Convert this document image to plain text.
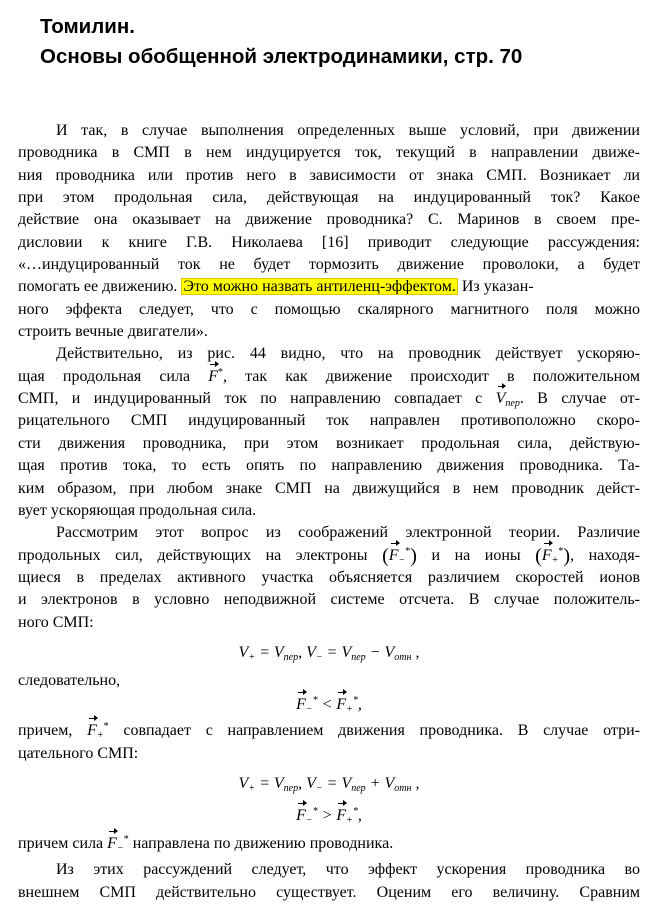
Томилин.
Основы обобщенной электродинамики, стр. 70
И так, в случае выполнения определенных выше условий, при движении
проводника в СМП в нем индуцируется ток, текущий в направлении движе-
ния проводника или против него в зависимости от знака СМП. Возникает ли
при этом продольная сила, действующая на индуцированный ток? Какое
действие она оказывает на движение проводника? С. Маринов в своем пре-
дисловии к книге Г.В. Николаева [16] приводит следующие рассуждения:
«…индуцированный ток не будет тормозить движение проволоки, а будет
помогать ее движению. Это можно назвать антиленц-эффектом. Из указан-
ного эффекта следует, что с помощью скалярного магнитного поля можно
строить вечные двигатели».
Действительно, из рис. 44 видно, что на проводник действует ускоряю-
щая продольная сила F*, так как движение происходит в положительном
СМП, и индуцированный ток по направлению совпадает с $V_{пер}$. В случае от-
рицательного СМП индуцированный ток направлен противоположно скоро-
сти движения проводника, при этом возникает продольная сила, действую-
щая против тока, то есть опять по направлению движения проводника. Та-
ким образом, при любом знаке СМП на движущийся в нем проводник дейст-
вует ускоряющая продольная сила.
Рассмотрим этот вопрос из соображений электронной теории. Различие
продольных сил, действующих на электроны $(F_-^*)$ и на ионы $(F_+^*)$, находя-
щиеся в пределах активного участка объясняется различием скоростей ионов
и электронов в условно неподвижной системе отсчета. В случае положитель-
ного СМП:
$V_+ = V_{пер}$, $V_- = V_{пер} - V_{отн}$ ,
следовательно,
$F_-^* < F_+^*$,
причем, $F_+^*$ совпадает с направлением движения проводника. В случае отри-
цательного СМП:
$V_+ = V_{пер}$, $V_- = V_{пер} + V_{отн}$ ,
$F_-^* > F_+^*$,
причем сила $F_-^*$ направлена по движению проводника.
Из этих рассуждений следует, что эффект ускорения проводника во
внешнем СМП действительно существует. Оценим его величину. Сравним
